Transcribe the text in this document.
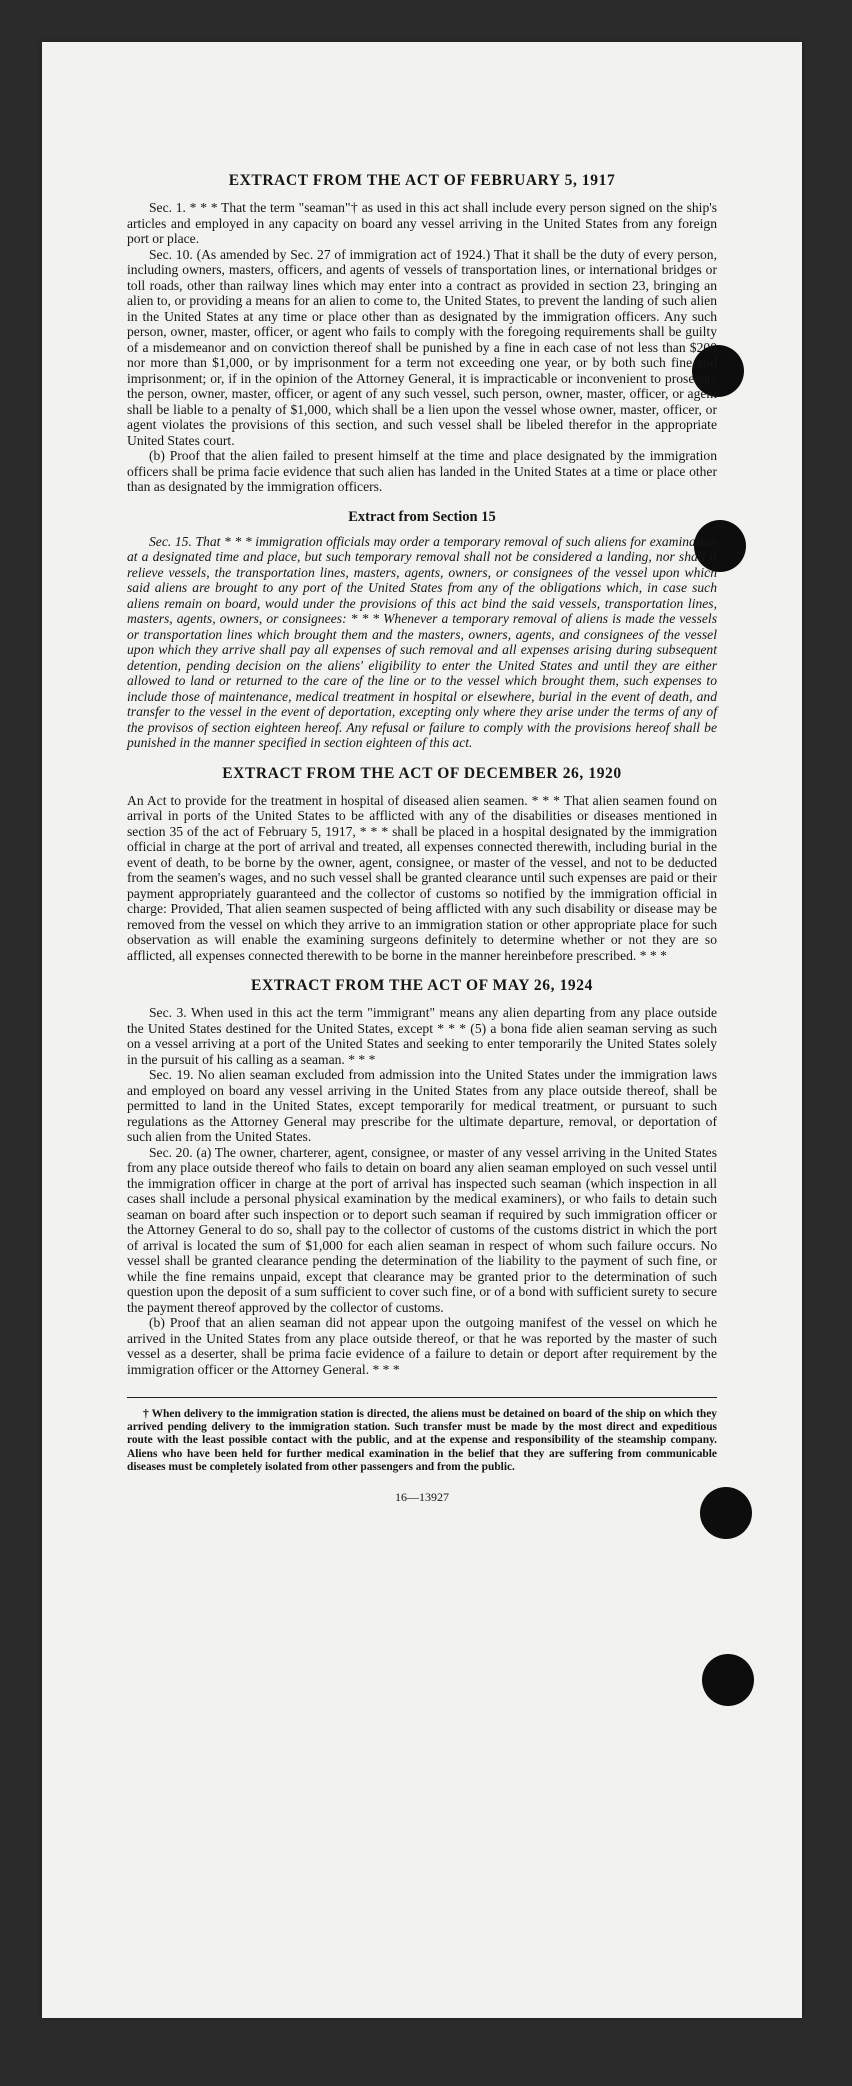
EXTRACT FROM THE ACT OF FEBRUARY 5, 1917

Sec. 1. * * * That the term "seaman"† as used in this act shall include every person signed on the ship's articles and employed in any capacity on board any vessel arriving in the United States from any foreign port or place.

Sec. 10. (As amended by Sec. 27 of immigration act of 1924.) That it shall be the duty of every person, including owners, masters, officers, and agents of vessels of transportation lines, or international bridges or toll roads, other than railway lines which may enter into a contract as provided in section 23, bringing an alien to, or providing a means for an alien to come to, the United States, to prevent the landing of such alien in the United States at any time or place other than as designated by the immigration officers. Any such person, owner, master, officer, or agent who fails to comply with the foregoing requirements shall be guilty of a misdemeanor and on conviction thereof shall be punished by a fine in each case of not less than $200 nor more than $1,000, or by imprisonment for a term not exceeding one year, or by both such fine and imprisonment; or, if in the opinion of the Attorney General, it is impracticable or inconvenient to prosecute the person, owner, master, officer, or agent of any such vessel, such person, owner, master, officer, or agent shall be liable to a penalty of $1,000, which shall be a lien upon the vessel whose owner, master, officer, or agent violates the provisions of this section, and such vessel shall be libeled therefor in the appropriate United States court.

(b) Proof that the alien failed to present himself at the time and place designated by the immigration officers shall be prima facie evidence that such alien has landed in the United States at a time or place other than as designated by the immigration officers.

Extract from Section 15

Sec. 15. That * * * immigration officials may order a temporary removal of such aliens for examination at a designated time and place, but such temporary removal shall not be considered a landing, nor shall it relieve vessels, the transportation lines, masters, agents, owners, or consignees of the vessel upon which said aliens are brought to any port of the United States from any of the obligations which, in case such aliens remain on board, would under the provisions of this act bind the said vessels, transportation lines, masters, agents, owners, or consignees: * * * Whenever a temporary removal of aliens is made the vessels or transportation lines which brought them and the masters, owners, agents, and consignees of the vessel upon which they arrive shall pay all expenses of such removal and all expenses arising during subsequent detention, pending decision on the aliens' eligibility to enter the United States and until they are either allowed to land or returned to the care of the line or to the vessel which brought them, such expenses to include those of maintenance, medical treatment in hospital or elsewhere, burial in the event of death, and transfer to the vessel in the event of deportation, excepting only where they arise under the terms of any of the provisos of section eighteen hereof. Any refusal or failure to comply with the provisions hereof shall be punished in the manner specified in section eighteen of this act.

EXTRACT FROM THE ACT OF DECEMBER 26, 1920

An Act to provide for the treatment in hospital of diseased alien seamen. * * * That alien seamen found on arrival in ports of the United States to be afflicted with any of the disabilities or diseases mentioned in section 35 of the act of February 5, 1917, * * * shall be placed in a hospital designated by the immigration official in charge at the port of arrival and treated, all expenses connected therewith, including burial in the event of death, to be borne by the owner, agent, consignee, or master of the vessel, and not to be deducted from the seamen's wages, and no such vessel shall be granted clearance until such expenses are paid or their payment appropriately guaranteed and the collector of customs so notified by the immigration official in charge: Provided, That alien seamen suspected of being afflicted with any such disability or disease may be removed from the vessel on which they arrive to an immigration station or other appropriate place for such observation as will enable the examining surgeons definitely to determine whether or not they are so afflicted, all expenses connected therewith to be borne in the manner hereinbefore prescribed. * * *

EXTRACT FROM THE ACT OF MAY 26, 1924

Sec. 3. When used in this act the term "immigrant" means any alien departing from any place outside the United States destined for the United States, except * * * (5) a bona fide alien seaman serving as such on a vessel arriving at a port of the United States and seeking to enter temporarily the United States solely in the pursuit of his calling as a seaman. * * *

Sec. 19. No alien seaman excluded from admission into the United States under the immigration laws and employed on board any vessel arriving in the United States from any place outside thereof, shall be permitted to land in the United States, except temporarily for medical treatment, or pursuant to such regulations as the Attorney General may prescribe for the ultimate departure, removal, or deportation of such alien from the United States.

Sec. 20. (a) The owner, charterer, agent, consignee, or master of any vessel arriving in the United States from any place outside thereof who fails to detain on board any alien seaman employed on such vessel until the immigration officer in charge at the port of arrival has inspected such seaman (which inspection in all cases shall include a personal physical examination by the medical examiners), or who fails to detain such seaman on board after such inspection or to deport such seaman if required by such immigration officer or the Attorney General to do so, shall pay to the collector of customs of the customs district in which the port of arrival is located the sum of $1,000 for each alien seaman in respect of whom such failure occurs. No vessel shall be granted clearance pending the determination of the liability to the payment of such fine, or while the fine remains unpaid, except that clearance may be granted prior to the determination of such question upon the deposit of a sum sufficient to cover such fine, or of a bond with sufficient surety to secure the payment thereof approved by the collector of customs.

(b) Proof that an alien seaman did not appear upon the outgoing manifest of the vessel on which he arrived in the United States from any place outside thereof, or that he was reported by the master of such vessel as a deserter, shall be prima facie evidence of a failure to detain or deport after requirement by the immigration officer or the Attorney General. * * *

† When delivery to the immigration station is directed, the aliens must be detained on board of the ship on which they arrived pending delivery to the immigration station. Such transfer must be made by the most direct and expeditious route with the least possible contact with the public, and at the expense and responsibility of the steamship company. Aliens who have been held for further medical examination in the belief that they are suffering from communicable diseases must be completely isolated from other passengers and from the public.

16—13927
